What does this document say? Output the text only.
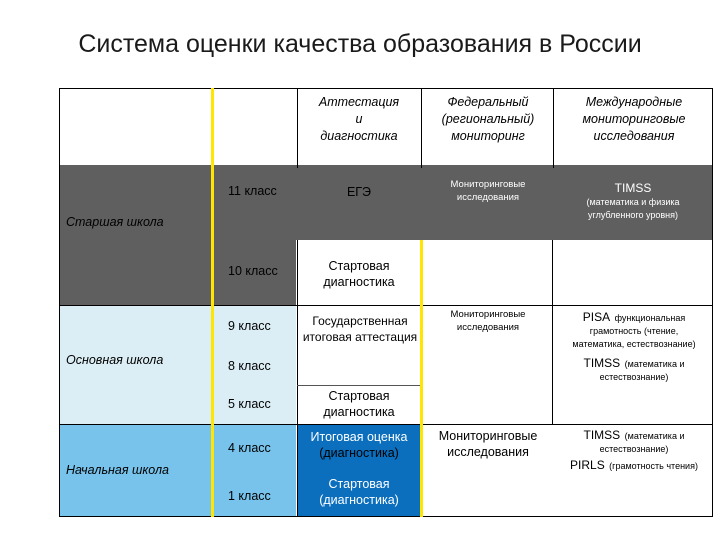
Система оценки качества образования в России
Аттестация
и
диагностика
Федеральный
(региональный)
мониторинг
Международные
мониторинговые
исследования
Старшая школа
Основная школа
Начальная школа
11 класс
10 класс
9 класс
8 класс
5 класс
4 класс
1 класс
ЕГЭ
Стартовая
диагностика
Государственная
итоговая аттестация
Стартовая
диагностика
Итоговая оценка
(диагностика)
Стартовая
(диагностика)
Мониторинговые
исследования
Мониторинговые
исследования
Мониторинговые
исследования
TIMSS
(математика и физика
углубленного уровня)
PISA функциональная
грамотность (чтение,
математика, естествознание)
TIMSS (математика и
естествознание)
TIMSS (математика и
естествознание)
PIRLS (грамотность чтения)
